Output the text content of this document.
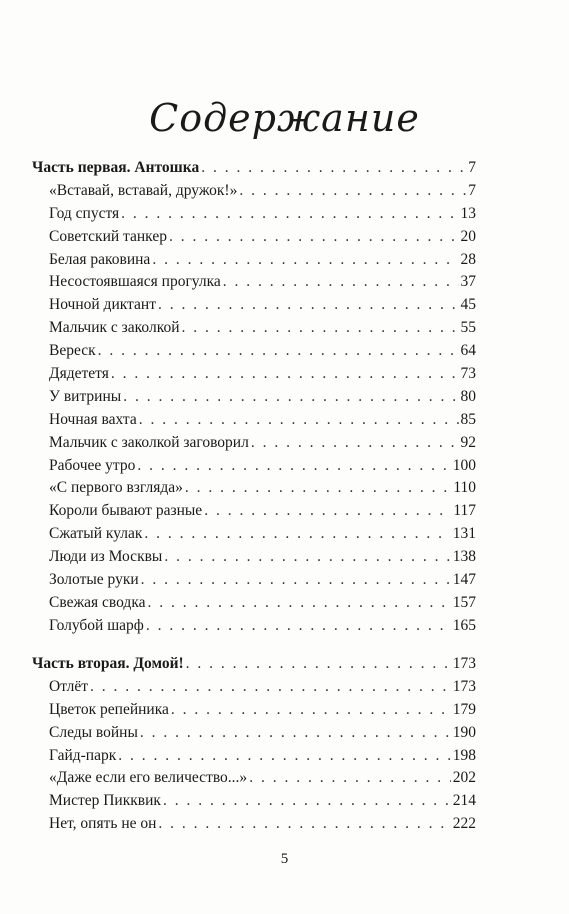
Содержание
Часть первая. Антошка . . .	7
«Вставай, вставай, дружок!» . . .	7
Год спустя . . .	13
Советский танкер . . .	20
Белая раковина . . .	28
Несостоявшаяся прогулка . . .	37
Ночной диктант . . .	45
Мальчик с заколкой . . .	55
Вереск . . .	64
Дядететя . . .	73
У витрины . . .	80
Ночная вахта . . .	85
Мальчик с заколкой заговорил . . .	92
Рабочее утро . . .	100
«С первого взгляда» . . .	110
Короли бывают разные . . .	117
Сжатый кулак . . .	131
Люди из Москвы . . .	138
Золотые руки . . .	147
Свежая сводка . . .	157
Голубой шарф . . .	165
Часть вторая. Домой! . . .	173
Отлёт . . .	173
Цветок репейника . . .	179
Следы войны . . .	190
Гайд-парк . . .	198
«Даже если его величество...» . . .	202
Мистер Пикквик . . .	214
Нет, опять не он . . .	222
5
